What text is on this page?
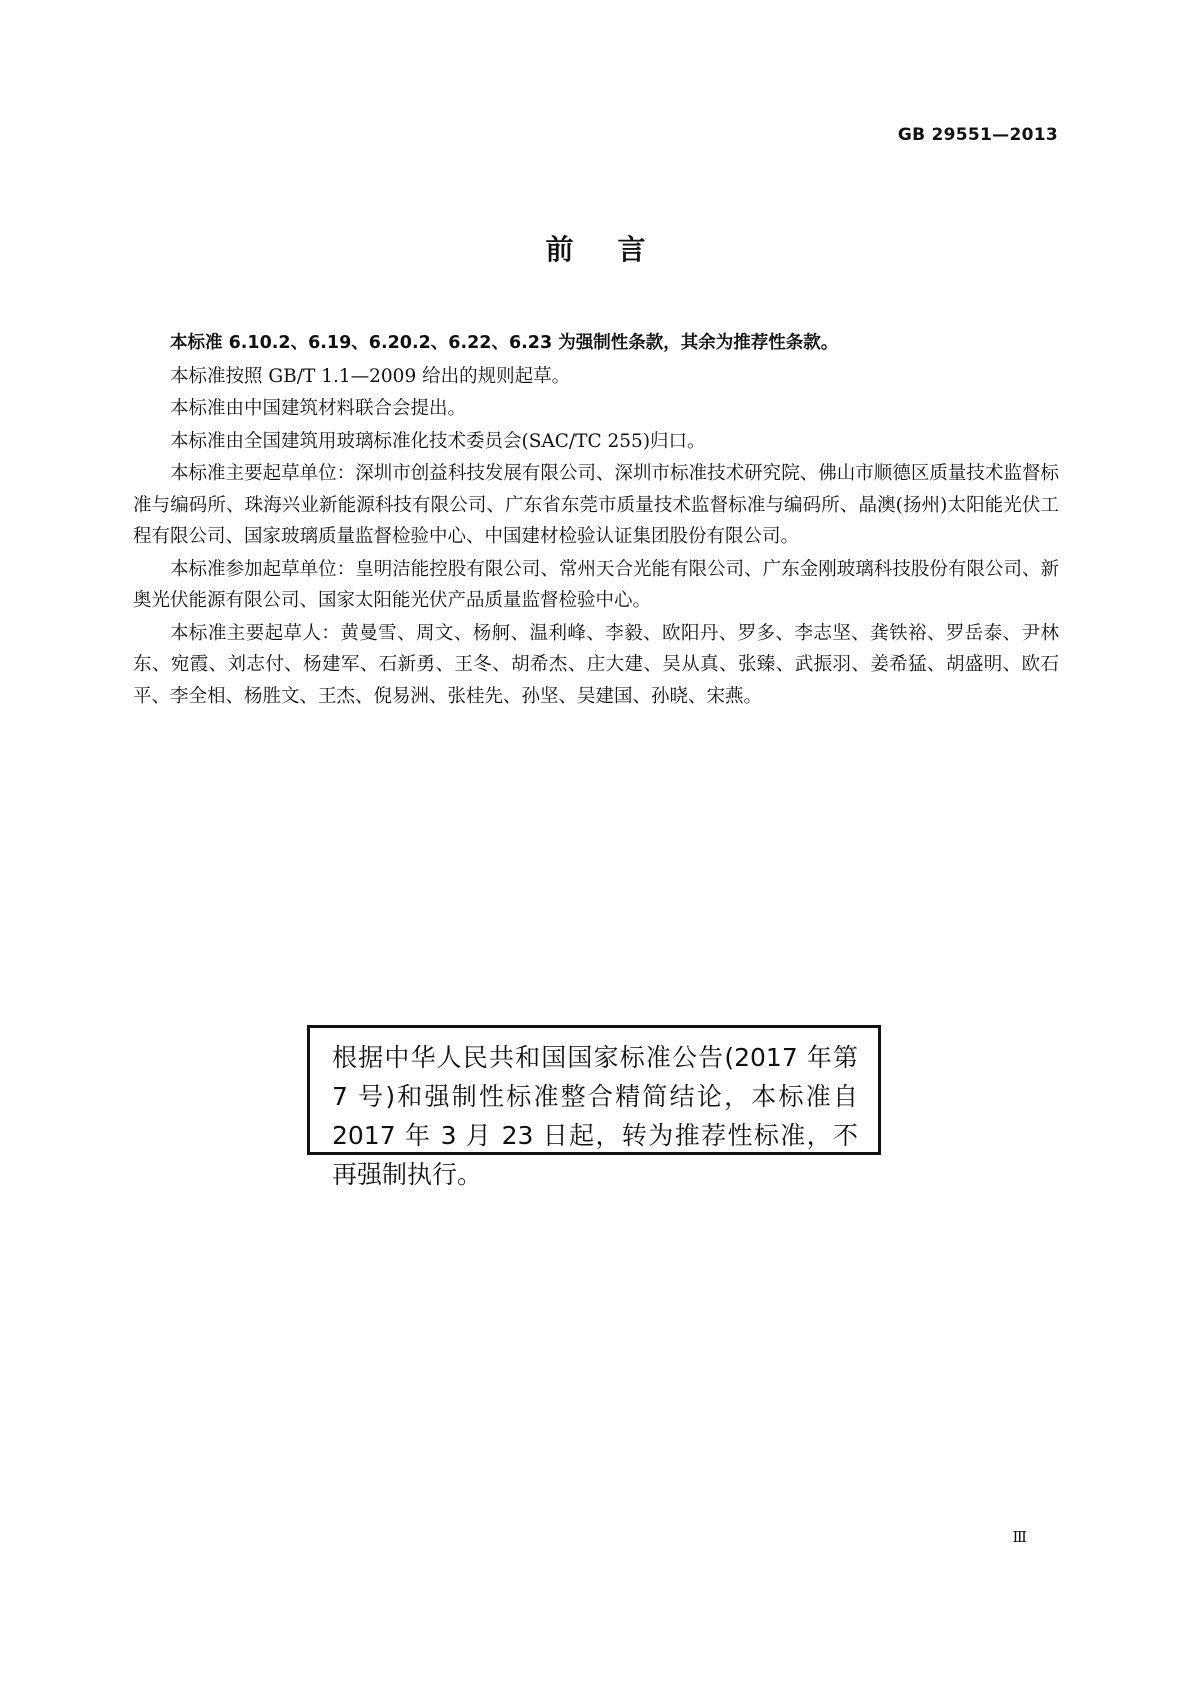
GB 29551—2013
前言

本标准 6.10.2、6.19、6.20.2、6.22、6.23 为强制性条款，其余为推荐性条款。

本标准按照 GB/T 1.1—2009 给出的规则起草。

本标准由中国建筑材料联合会提出。

本标准由全国建筑用玻璃标准化技术委员会(SAC/TC 255)归口。

本标准主要起草单位：深圳市创益科技发展有限公司、深圳市标准技术研究院、佛山市顺德区质量技术监督标准与编码所、珠海兴业新能源科技有限公司、广东省东莞市质量技术监督标准与编码所、晶澳(扬州)太阳能光伏工程有限公司、国家玻璃质量监督检验中心、中国建材检验认证集团股份有限公司。

本标准参加起草单位：皇明洁能控股有限公司、常州天合光能有限公司、广东金刚玻璃科技股份有限公司、新奥光伏能源有限公司、国家太阳能光伏产品质量监督检验中心。

本标准主要起草人：黄曼雪、周文、杨舸、温利峰、李毅、欧阳丹、罗多、李志坚、龚铁裕、罗岳泰、尹林东、宛霞、刘志付、杨建军、石新勇、王冬、胡希杰、庄大建、吴从真、张臻、武振羽、姜希猛、胡盛明、欧石平、李全相、杨胜文、王杰、倪易洲、张桂先、孙坚、吴建国、孙晓、宋燕。

根据中华人民共和国国家标准公告(2017 年第 7 号)和强制性标准整合精简结论，本标准自 2017 年 3 月 23 日起，转为推荐性标准，不再强制执行。

Ⅲ
